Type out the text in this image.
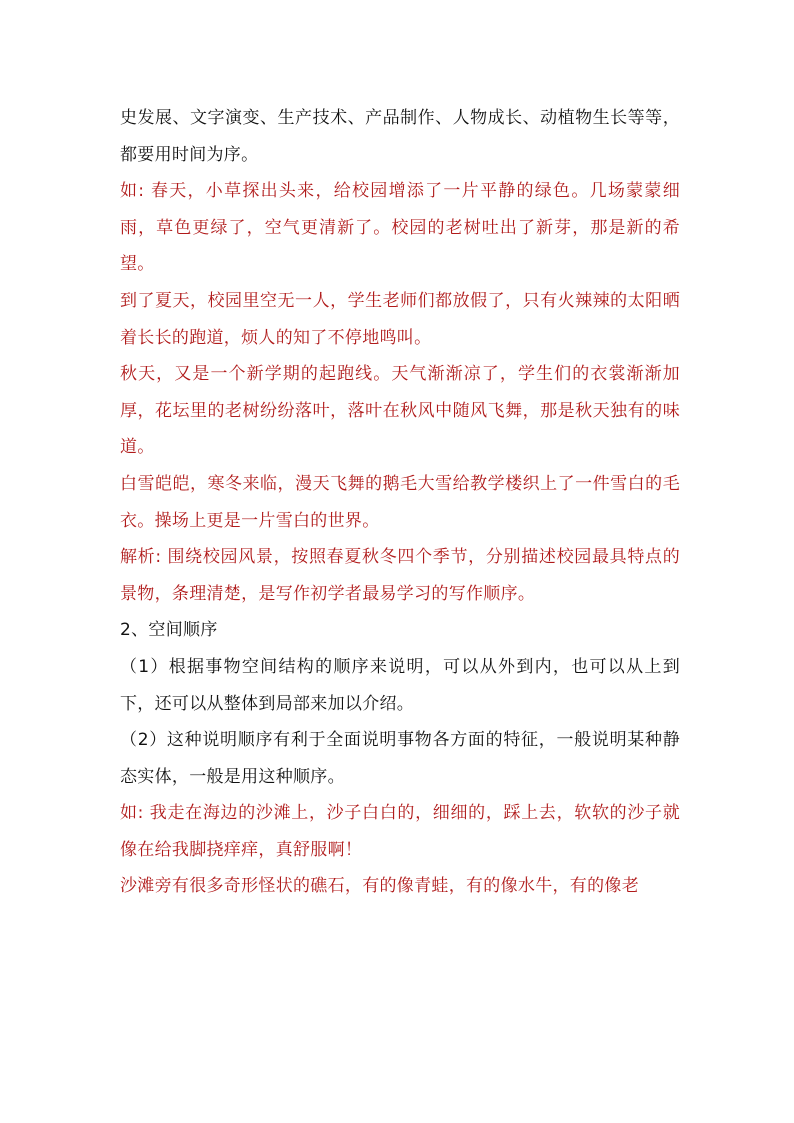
史发展、文字演变、生产技术、产品制作、人物成长、动植物生长等等，都要用时间为序。

如: 春天，小草探出头来，给校园增添了一片平静的绿色。几场蒙蒙细雨，草色更绿了，空气更清新了。校园的老树吐出了新芽，那是新的希望。

到了夏天，校园里空无一人，学生老师们都放假了，只有火辣辣的太阳晒着长长的跑道，烦人的知了不停地鸣叫。

秋天，又是一个新学期的起跑线。天气渐渐凉了，学生们的衣裳渐渐加厚，花坛里的老树纷纷落叶，落叶在秋风中随风飞舞，那是秋天独有的味道。

白雪皑皑，寒冬来临，漫天飞舞的鹅毛大雪给教学楼织上了一件雪白的毛衣。操场上更是一片雪白的世界。

解析: 围绕校园风景，按照春夏秋冬四个季节，分别描述校园最具特点的景物，条理清楚，是写作初学者最易学习的写作顺序。

2、空间顺序

（1）根据事物空间结构的顺序来说明，可以从外到内，也可以从上到下，还可以从整体到局部来加以介绍。

（2）这种说明顺序有利于全面说明事物各方面的特征，一般说明某种静态实体，一般是用这种顺序。

如: 我走在海边的沙滩上，沙子白白的，细细的，踩上去，软软的沙子就像在给我脚挠痒痒，真舒服啊！

沙滩旁有很多奇形怪状的礁石，有的像青蛙，有的像水牛，有的像老
